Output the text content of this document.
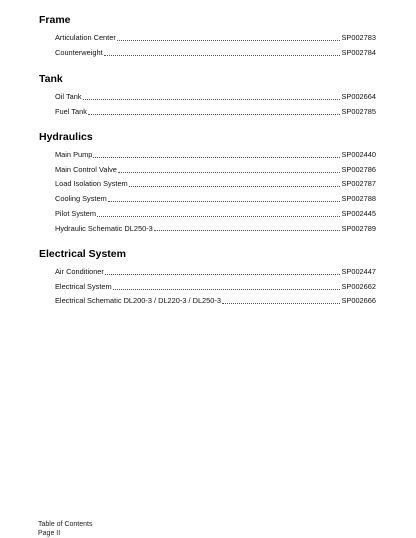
Frame
Articulation Center	SP002783
Counterweight	SP002784
Tank
Oil Tank	SP002664
Fuel Tank	SP002785
Hydraulics
Main Pump	SP002440
Main Control Valve	SP002786
Load Isolation System	SP002787
Cooling System	SP002788
Pilot System	SP002445
Hydraulic Schematic DL250-3	SP002789
Electrical System
Air Conditioner	SP002447
Electrical System	SP002662
Electrical Schematic DL200-3 / DL220-3 / DL250-3	SP002666
Table of Contents
Page II
